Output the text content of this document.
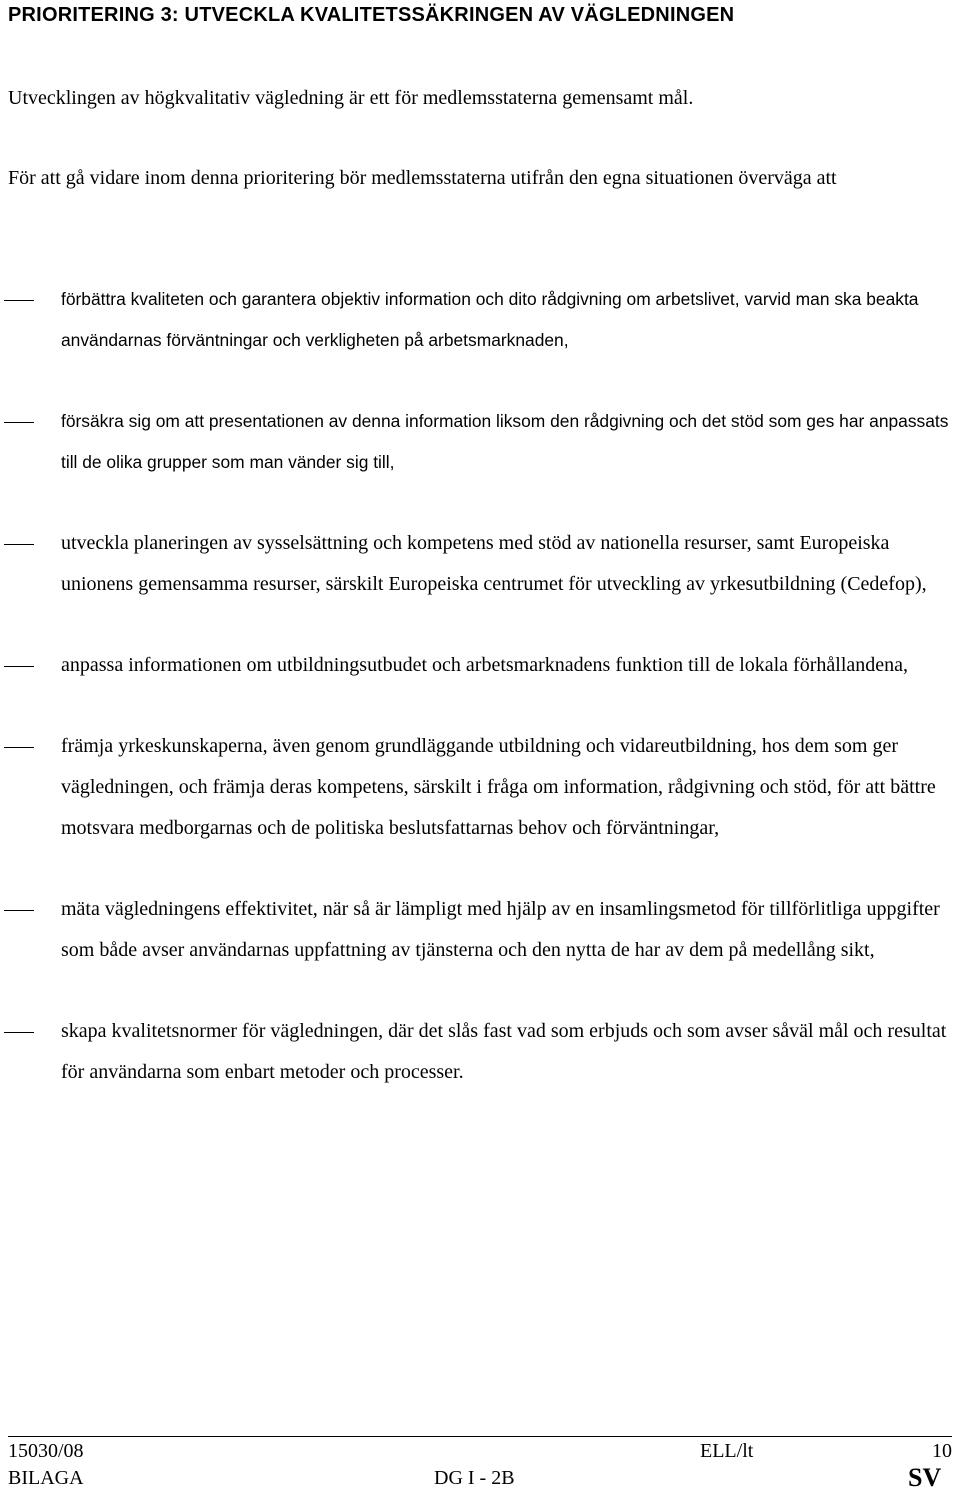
PRIORITERING 3: UTVECKLA KVALITETSSÄKRINGEN AV VÄGLEDNINGEN
Utvecklingen av högkvalitativ vägledning är ett för medlemsstaterna gemensamt mål.
För att gå vidare inom denna prioritering bör medlemsstaterna utifrån den egna situationen överväga att
förbättra kvaliteten och garantera objektiv information och dito rådgivning om arbetslivet, varvid man ska beakta användarnas förväntningar och verkligheten på arbetsmarknaden,
försäkra sig om att presentationen av denna information liksom den rådgivning och det stöd som ges har anpassats till de olika grupper som man vänder sig till,
utveckla planeringen av sysselsättning och kompetens med stöd av nationella resurser, samt Europeiska unionens gemensamma resurser, särskilt Europeiska centrumet för utveckling av yrkesutbildning (Cedefop),
anpassa informationen om utbildningsutbudet och arbetsmarknadens funktion till de lokala förhållandena,
främja yrkeskunskaperna, även genom grundläggande utbildning och vidareutbildning, hos dem som ger vägledningen, och främja deras kompetens, särskilt i fråga om information, rådgivning och stöd, för att bättre motsvara medborgarnas och de politiska beslutsfattarnas behov och förväntningar,
mäta vägledningens effektivitet, när så är lämpligt med hjälp av en insamlingsmetod för tillförlitliga uppgifter som både avser användarnas uppfattning av tjänsterna och den nytta de har av dem på medellång sikt,
skapa kvalitetsnormer för vägledningen, där det slås fast vad som erbjuds och som avser såväl mål och resultat för användarna som enbart metoder och processer.
15030/08
BILAGA
ELL/lt
DG I - 2B
10
SV
